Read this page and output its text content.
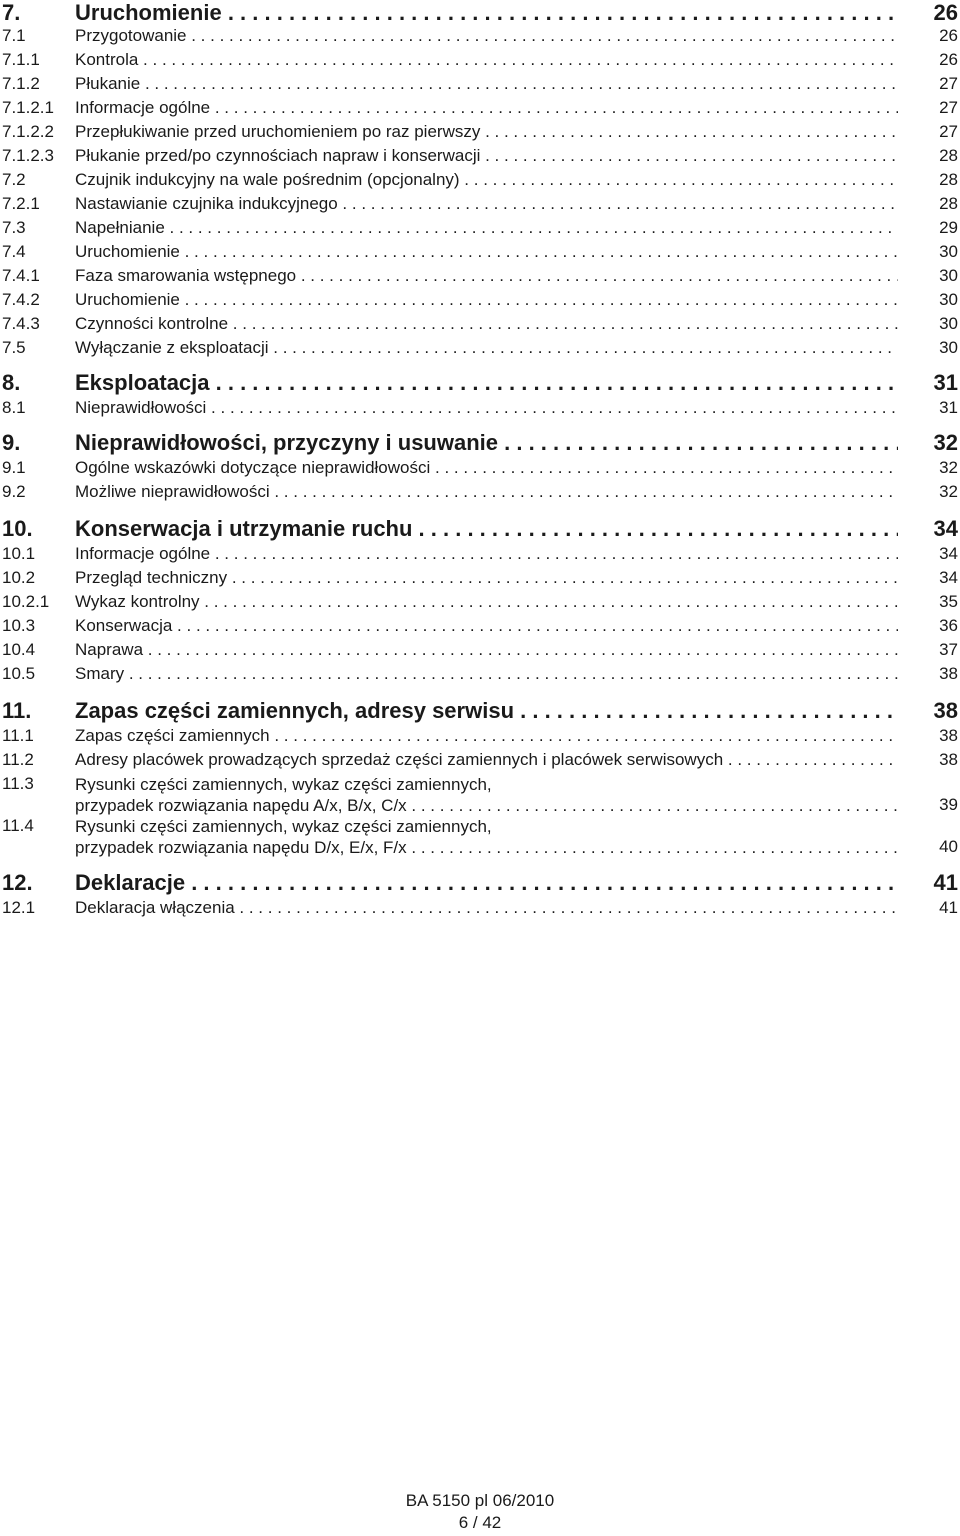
7. Uruchomienie . . .	26
7.1	Przygotowanie . . .	26
7.1.1 Kontrola . . .	26
7.1.2 Płukanie . . .	27
7.1.2.1 Informacje ogólne . . .	27
7.1.2.2 Przepłukiwanie przed uruchomieniem po raz pierwszy . . .	27
7.1.2.3 Płukanie przed/po czynnościach napraw i konserwacji . . .	28
7.2	Czujnik indukcyjny na wale pośrednim (opcjonalny) . . .	28
7.2.1 Nastawianie czujnika indukcyjnego . . .	28
7.3	Napełnianie . . .	29
7.4	Uruchomienie . . .	30
7.4.1 Faza smarowania wstępnego . . .	30
7.4.2 Uruchomienie . . .	30
7.4.3 Czynności kontrolne . . .	30
7.5	Wyłączanie z eksploatacji . . .	30
8. Eksploatacja . . .	31
8.1	Nieprawidłowości . . .	31
9. Nieprawidłowości, przyczyny i usuwanie . . .	32
9.1	Ogólne wskazówki dotyczące nieprawidłowości . . .	32
9.2	Możliwe nieprawidłowości . . .	32
10. Konserwacja i utrzymanie ruchu . . .	34
10.1 Informacje ogólne . . .	34
10.2 Przegląd techniczny . . .	34
10.2.1 Wykaz kontrolny . . .	35
10.3 Konserwacja . . .	36
10.4 Naprawa . . .	37
10.5 Smary . . .	38
11. Zapas części zamiennych, adresy serwisu . . .	38
11.1 Zapas części zamiennych . . .	38
11.2 Adresy placówek prowadzących sprzedaż części zamiennych i placówek serwisowych . . .	38
11.3 Rysunki części zamiennych, wykaz części zamiennych,
przypadek rozwiązania napędu A/x, B/x, C/x . . .	39
11.4 Rysunki części zamiennych, wykaz części zamiennych,
przypadek rozwiązania napędu D/x, E/x, F/x . . .	40
12. Deklaracje . . .	41
12.1 Deklaracja włączenia . . .	41
BA 5150 pl 06/2010
6 / 42
